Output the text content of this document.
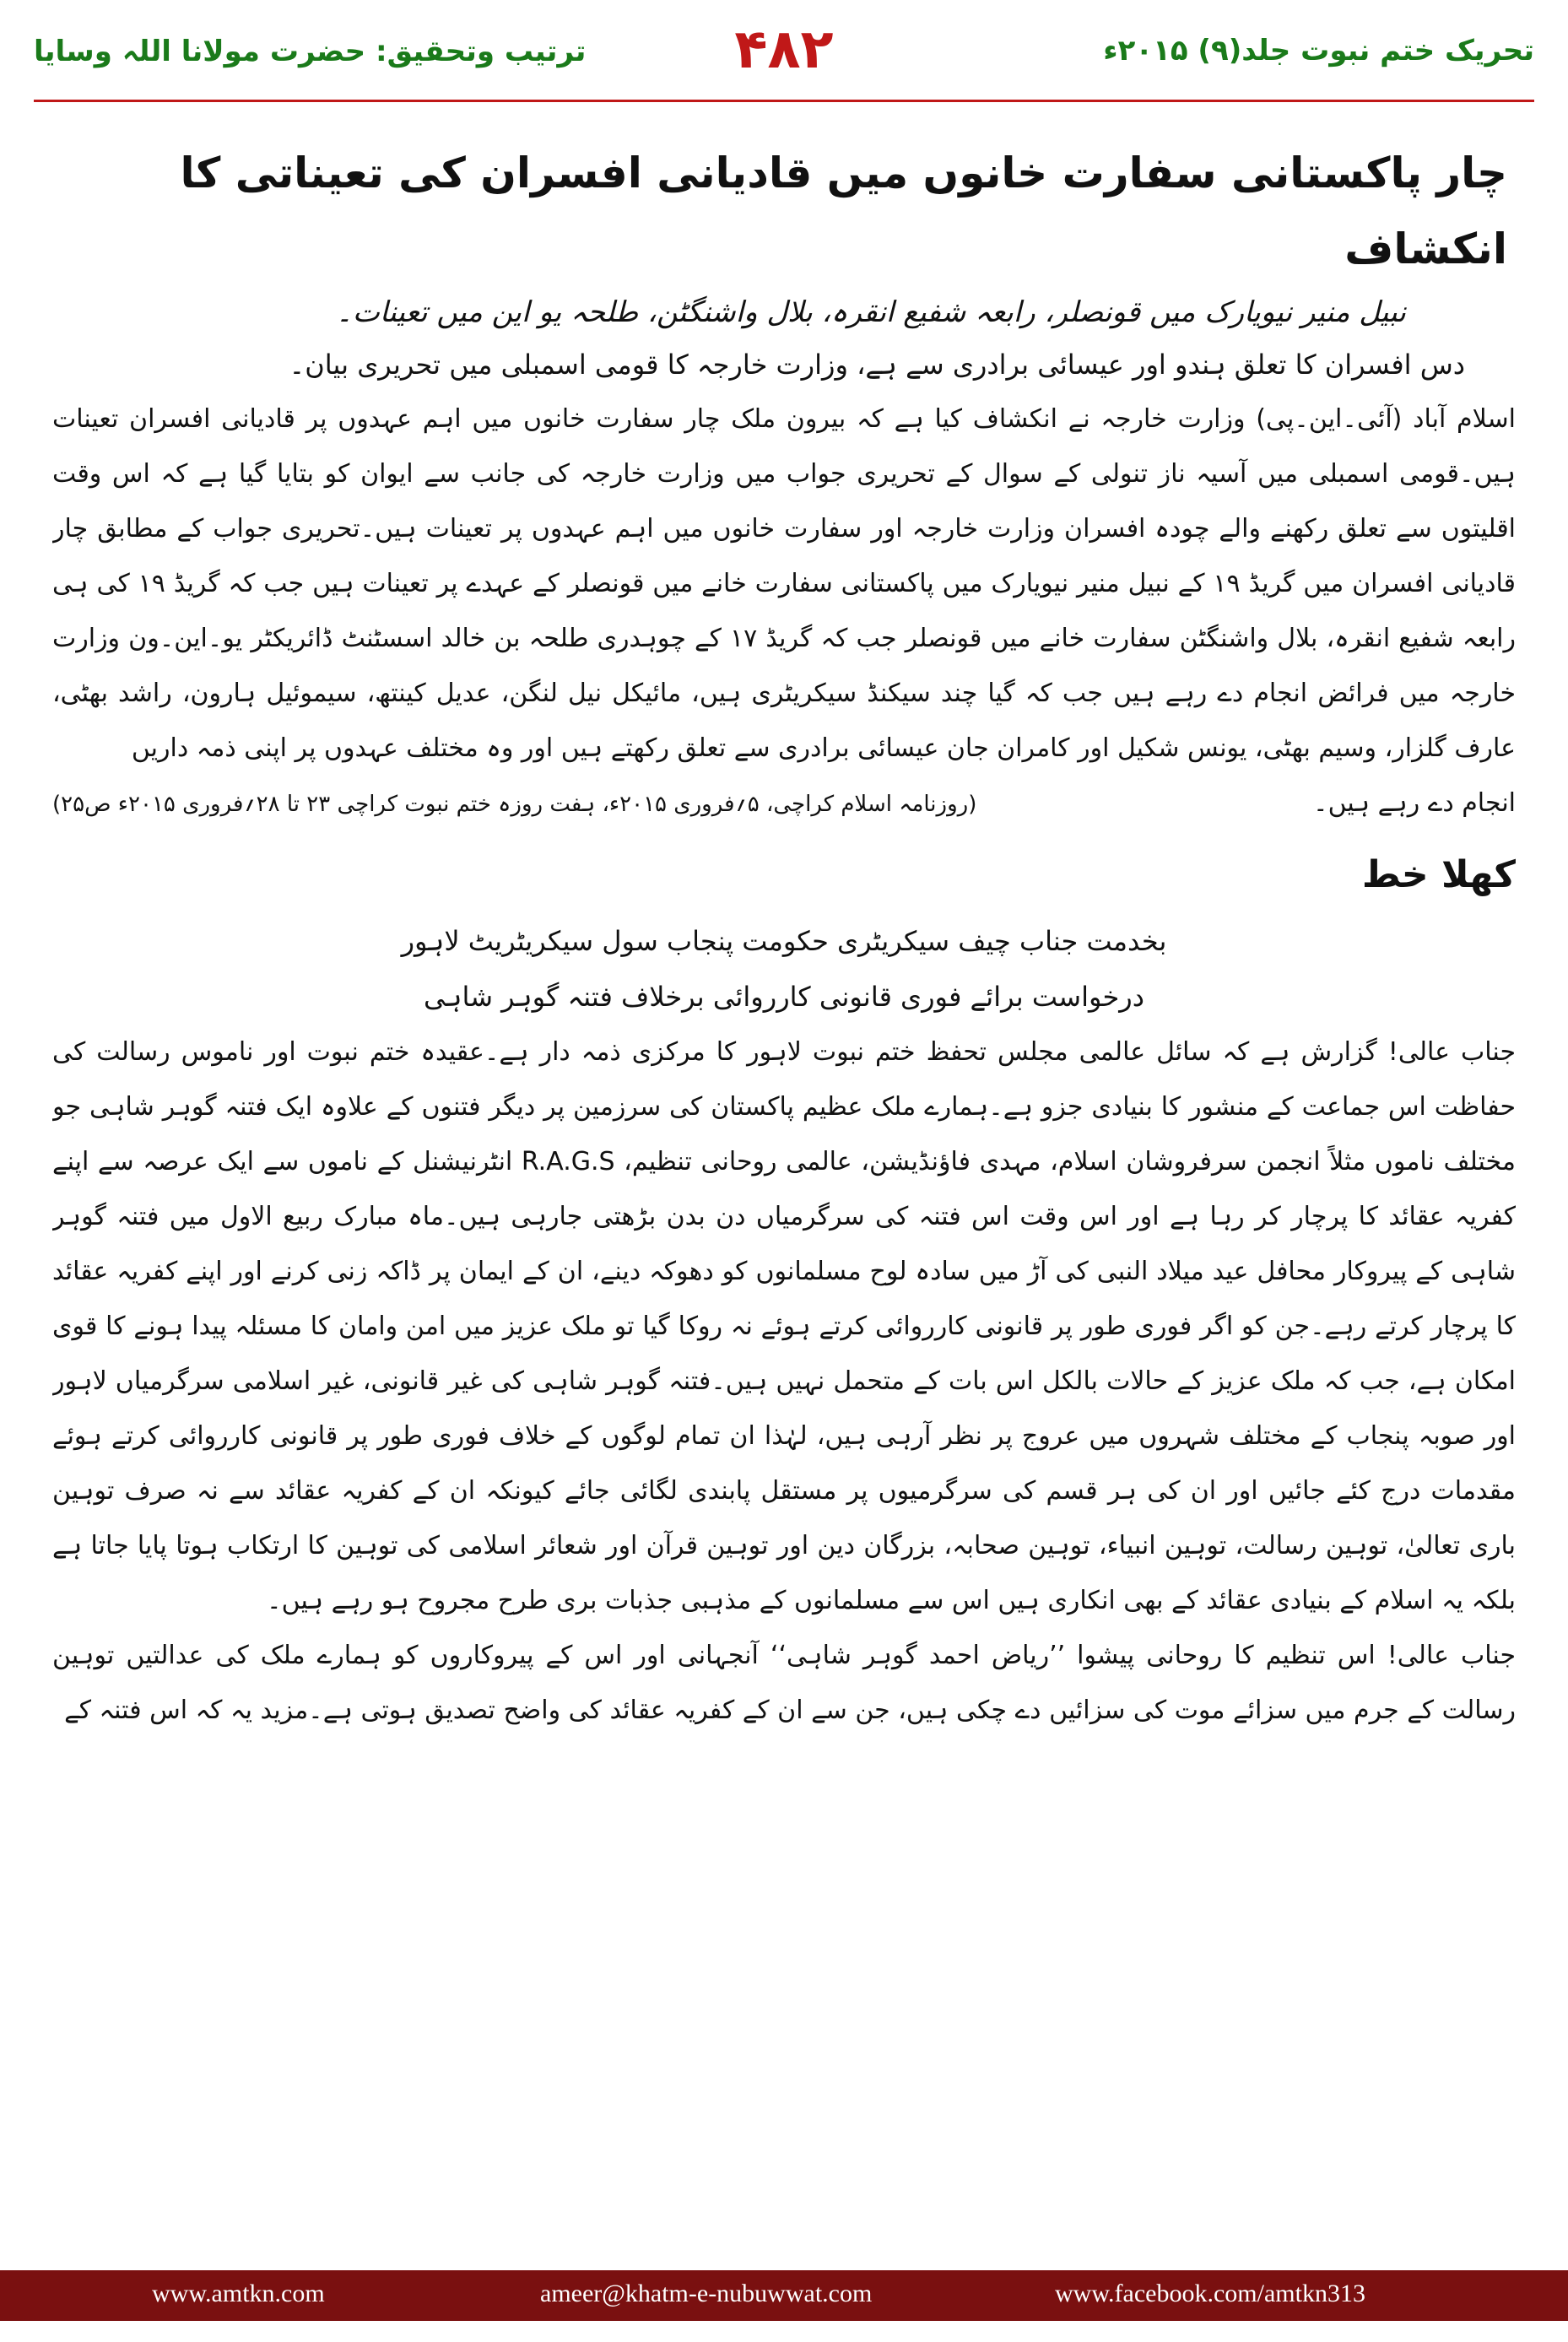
ترتیب وتحقیق: حضرت مولانا اللہ وسایا	۴۸۲	تحریک ختم نبوت جلد(۹) ۲۰۱۵ء
چار پاکستانی سفارت خانوں میں قادیانی افسران کی تعیناتی کا انکشاف

نبیل منیر نیویارک میں قونصلر، رابعہ شفیع انقرہ، بلال واشنگٹن، طلحہ یو این میں تعینات۔

دس افسران کا تعلق ہندو اور عیسائی برادری سے ہے، وزارت خارجہ کا قومی اسمبلی میں تحریری بیان۔

اسلام آباد (آئی۔این۔پی) وزارت خارجہ نے انکشاف کیا ہے کہ بیرون ملک چار سفارت خانوں میں اہم عہدوں پر قادیانی افسران تعینات ہیں۔قومی اسمبلی میں آسیہ ناز تنولی کے سوال کے تحریری جواب میں وزارت خارجہ کی جانب سے ایوان کو بتایا گیا ہے کہ اس وقت اقلیتوں سے تعلق رکھنے والے چودہ افسران وزارت خارجہ اور سفارت خانوں میں اہم عہدوں پر تعینات ہیں۔تحریری جواب کے مطابق چار قادیانی افسران میں گریڈ ۱۹ کے نبیل منیر نیویارک میں پاکستانی سفارت خانے میں قونصلر کے عہدے پر تعینات ہیں جب کہ گریڈ ۱۹ کی ہی رابعہ شفیع انقرہ، بلال واشنگٹن سفارت خانے میں قونصلر جب کہ گریڈ ۱۷ کے چوہدری طلحہ بن خالد اسسٹنٹ ڈائریکٹر یو۔این۔ون وزارت خارجہ میں فرائض انجام دے رہے ہیں جب کہ گیا چند سیکنڈ سیکریٹری ہیں، مائیکل نیل لنگن، عدیل کینتھ، سیموئیل ہارون، راشد بھٹی، عارف گلزار، وسیم بھٹی، یونس شکیل اور کامران جان عیسائی برادری سے تعلق رکھتے ہیں اور وہ مختلف عہدوں پر اپنی ذمہ داریں

انجام دے رہے ہیں۔
(روزنامہ اسلام کراچی، ۵؍فروری ۲۰۱۵ء، ہفت روزہ ختم نبوت کراچی ۲۳ تا ۲۸؍فروری ۲۰۱۵ء ص۲۵)
کھلا خط

بخدمت جناب چیف سیکریٹری حکومت پنجاب سول سیکریٹریٹ لاہور

درخواست برائے فوری قانونی کارروائی برخلاف فتنہ گوہر شاہی

جناب عالی! گزارش ہے کہ سائل عالمی مجلس تحفظ ختم نبوت لاہور کا مرکزی ذمہ دار ہے۔عقیدہ ختم نبوت اور ناموس رسالت کی حفاظت اس جماعت کے منشور کا بنیادی جزو ہے۔ہمارے ملک عظیم پاکستان کی سرزمین پر دیگر فتنوں کے علاوہ ایک فتنہ گوہر شاہی جو مختلف ناموں مثلاً انجمن سرفروشان اسلام، مہدی فاؤنڈیشن، عالمی روحانی تنظیم، R.A.G.S انٹرنیشنل کے ناموں سے ایک عرصہ سے اپنے کفریہ عقائد کا پرچار کر رہا ہے اور اس وقت اس فتنہ کی سرگرمیاں دن بدن بڑھتی جارہی ہیں۔ماہ مبارک ربیع الاول میں فتنہ گوہر شاہی کے پیروکار محافل عید میلاد النبی کی آڑ میں سادہ لوح مسلمانوں کو دھوکہ دینے، ان کے ایمان پر ڈاکہ زنی کرنے اور اپنے کفریہ عقائد کا پرچار کرتے رہے۔جن کو اگر فوری طور پر قانونی کارروائی کرتے ہوئے نہ روکا گیا تو ملک عزیز میں امن وامان کا مسئلہ پیدا ہونے کا قوی امکان ہے، جب کہ ملک عزیز کے حالات بالکل اس بات کے متحمل نہیں ہیں۔فتنہ گوہر شاہی کی غیر قانونی، غیر اسلامی سرگرمیاں لاہور اور صوبہ پنجاب کے مختلف شہروں میں عروج پر نظر آرہی ہیں، لہٰذا ان تمام لوگوں کے خلاف فوری طور پر قانونی کارروائی کرتے ہوئے مقدمات درج کئے جائیں اور ان کی ہر قسم کی سرگرمیوں پر مستقل پابندی لگائی جائے کیونکہ ان کے کفریہ عقائد سے نہ صرف توہین باری تعالیٰ، توہین رسالت، توہین انبیاء، توہین صحابہ، بزرگان دین اور توہین قرآن اور شعائر اسلامی کی توہین کا ارتکاب ہوتا پایا جاتا ہے بلکہ یہ اسلام کے بنیادی عقائد کے بھی انکاری ہیں اس سے مسلمانوں کے مذہبی جذبات بری طرح مجروح ہو رہے ہیں۔

جناب عالی! اس تنظیم کا روحانی پیشوا ’’ریاض احمد گوہر شاہی‘‘ آنجہانی اور اس کے پیروکاروں کو ہمارے ملک کی عدالتیں توہین رسالت کے جرم میں سزائے موت کی سزائیں دے چکی ہیں، جن سے ان کے کفریہ عقائد کی واضح تصدیق ہوتی ہے۔مزید یہ کہ اس فتنہ کے

www.amtkn.com	ameer@khatm-e-nubuwwat.com	www.facebook.com/amtkn313
